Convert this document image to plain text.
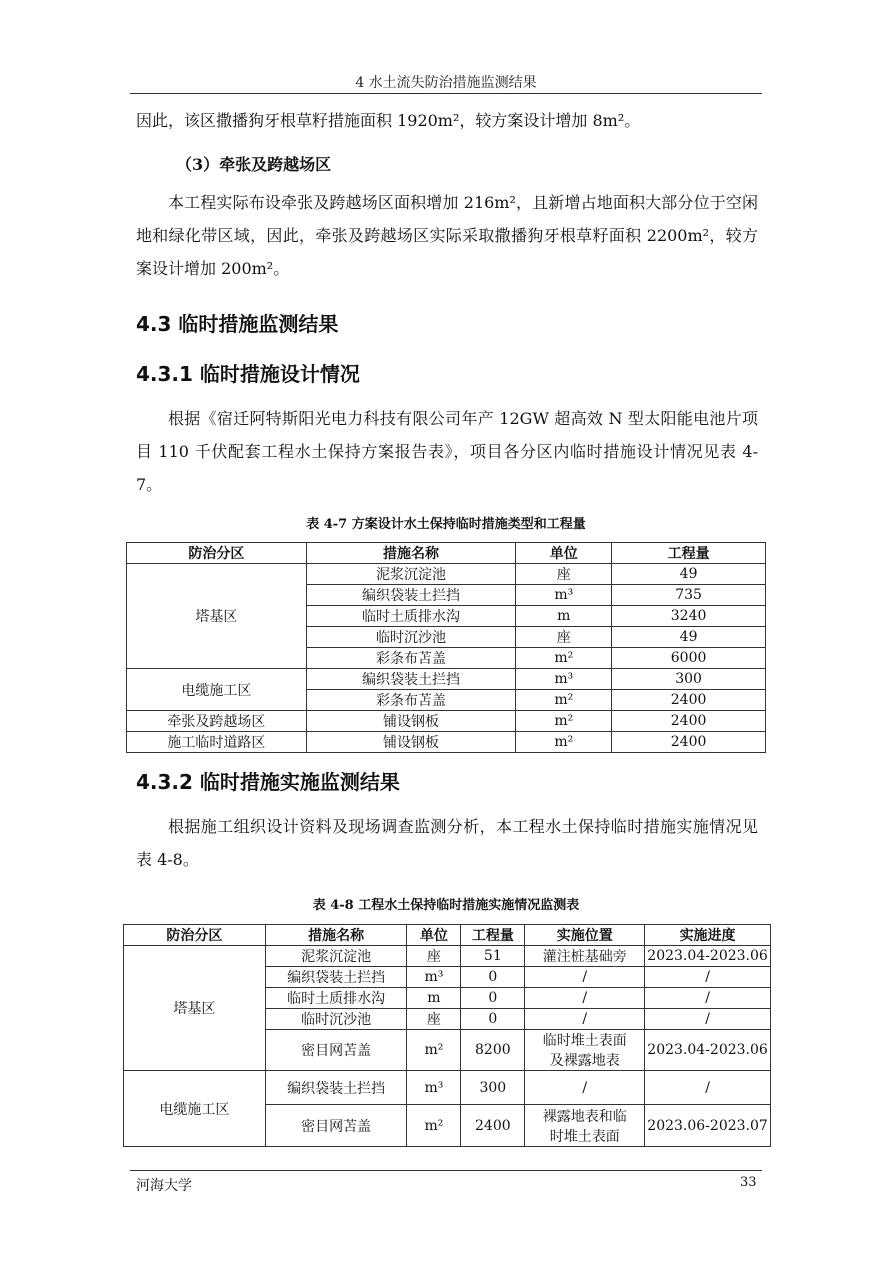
4 水土流失防治措施监测结果
因此，该区撒播狗牙根草籽措施面积 1920m²，较方案设计增加 8m²。
（3）牵张及跨越场区
本工程实际布设牵张及跨越场区面积增加 216m²，且新增占地面积大部分位于空闲地和绿化带区域，因此，牵张及跨越场区实际采取撒播狗牙根草籽面积 2200m²，较方案设计增加 200m²。
4.3 临时措施监测结果
4.3.1 临时措施设计情况
根据《宿迁阿特斯阳光电力科技有限公司年产 12GW 超高效 N 型太阳能电池片项目 110 千伏配套工程水土保持方案报告表》，项目各分区内临时措施设计情况见表 4-7。
表 4-7 方案设计水土保持临时措施类型和工程量
防治分区	措施名称	单位	工程量
塔基区	泥浆沉淀池	座	49
	编织袋装土拦挡	m³	735
	临时土质排水沟	m	3240
	临时沉沙池	座	49
	彩条布苫盖	m²	6000
电缆施工区	编织袋装土拦挡	m³	300
	彩条布苫盖	m²	2400
牵张及跨越场区	铺设钢板	m²	2400
施工临时道路区	铺设钢板	m²	2400
4.3.2 临时措施实施监测结果
根据施工组织设计资料及现场调查监测分析，本工程水土保持临时措施实施情况见表 4-8。
表 4-8 工程水土保持临时措施实施情况监测表
防治分区	措施名称	单位	工程量	实施位置	实施进度
塔基区	泥浆沉淀池	座	51	灌注桩基础旁	2023.04-2023.06
	编织袋装土拦挡	m³	0	/	/
	临时土质排水沟	m	0	/	/
	临时沉沙池	座	0	/	/
	密目网苫盖	m²	8200	临时堆土表面及裸露地表	2023.04-2023.06
电缆施工区	编织袋装土拦挡	m³	300	/	/
	密目网苫盖	m²	2400	裸露地表和临时堆土表面	2023.06-2023.07
河海大学	33
